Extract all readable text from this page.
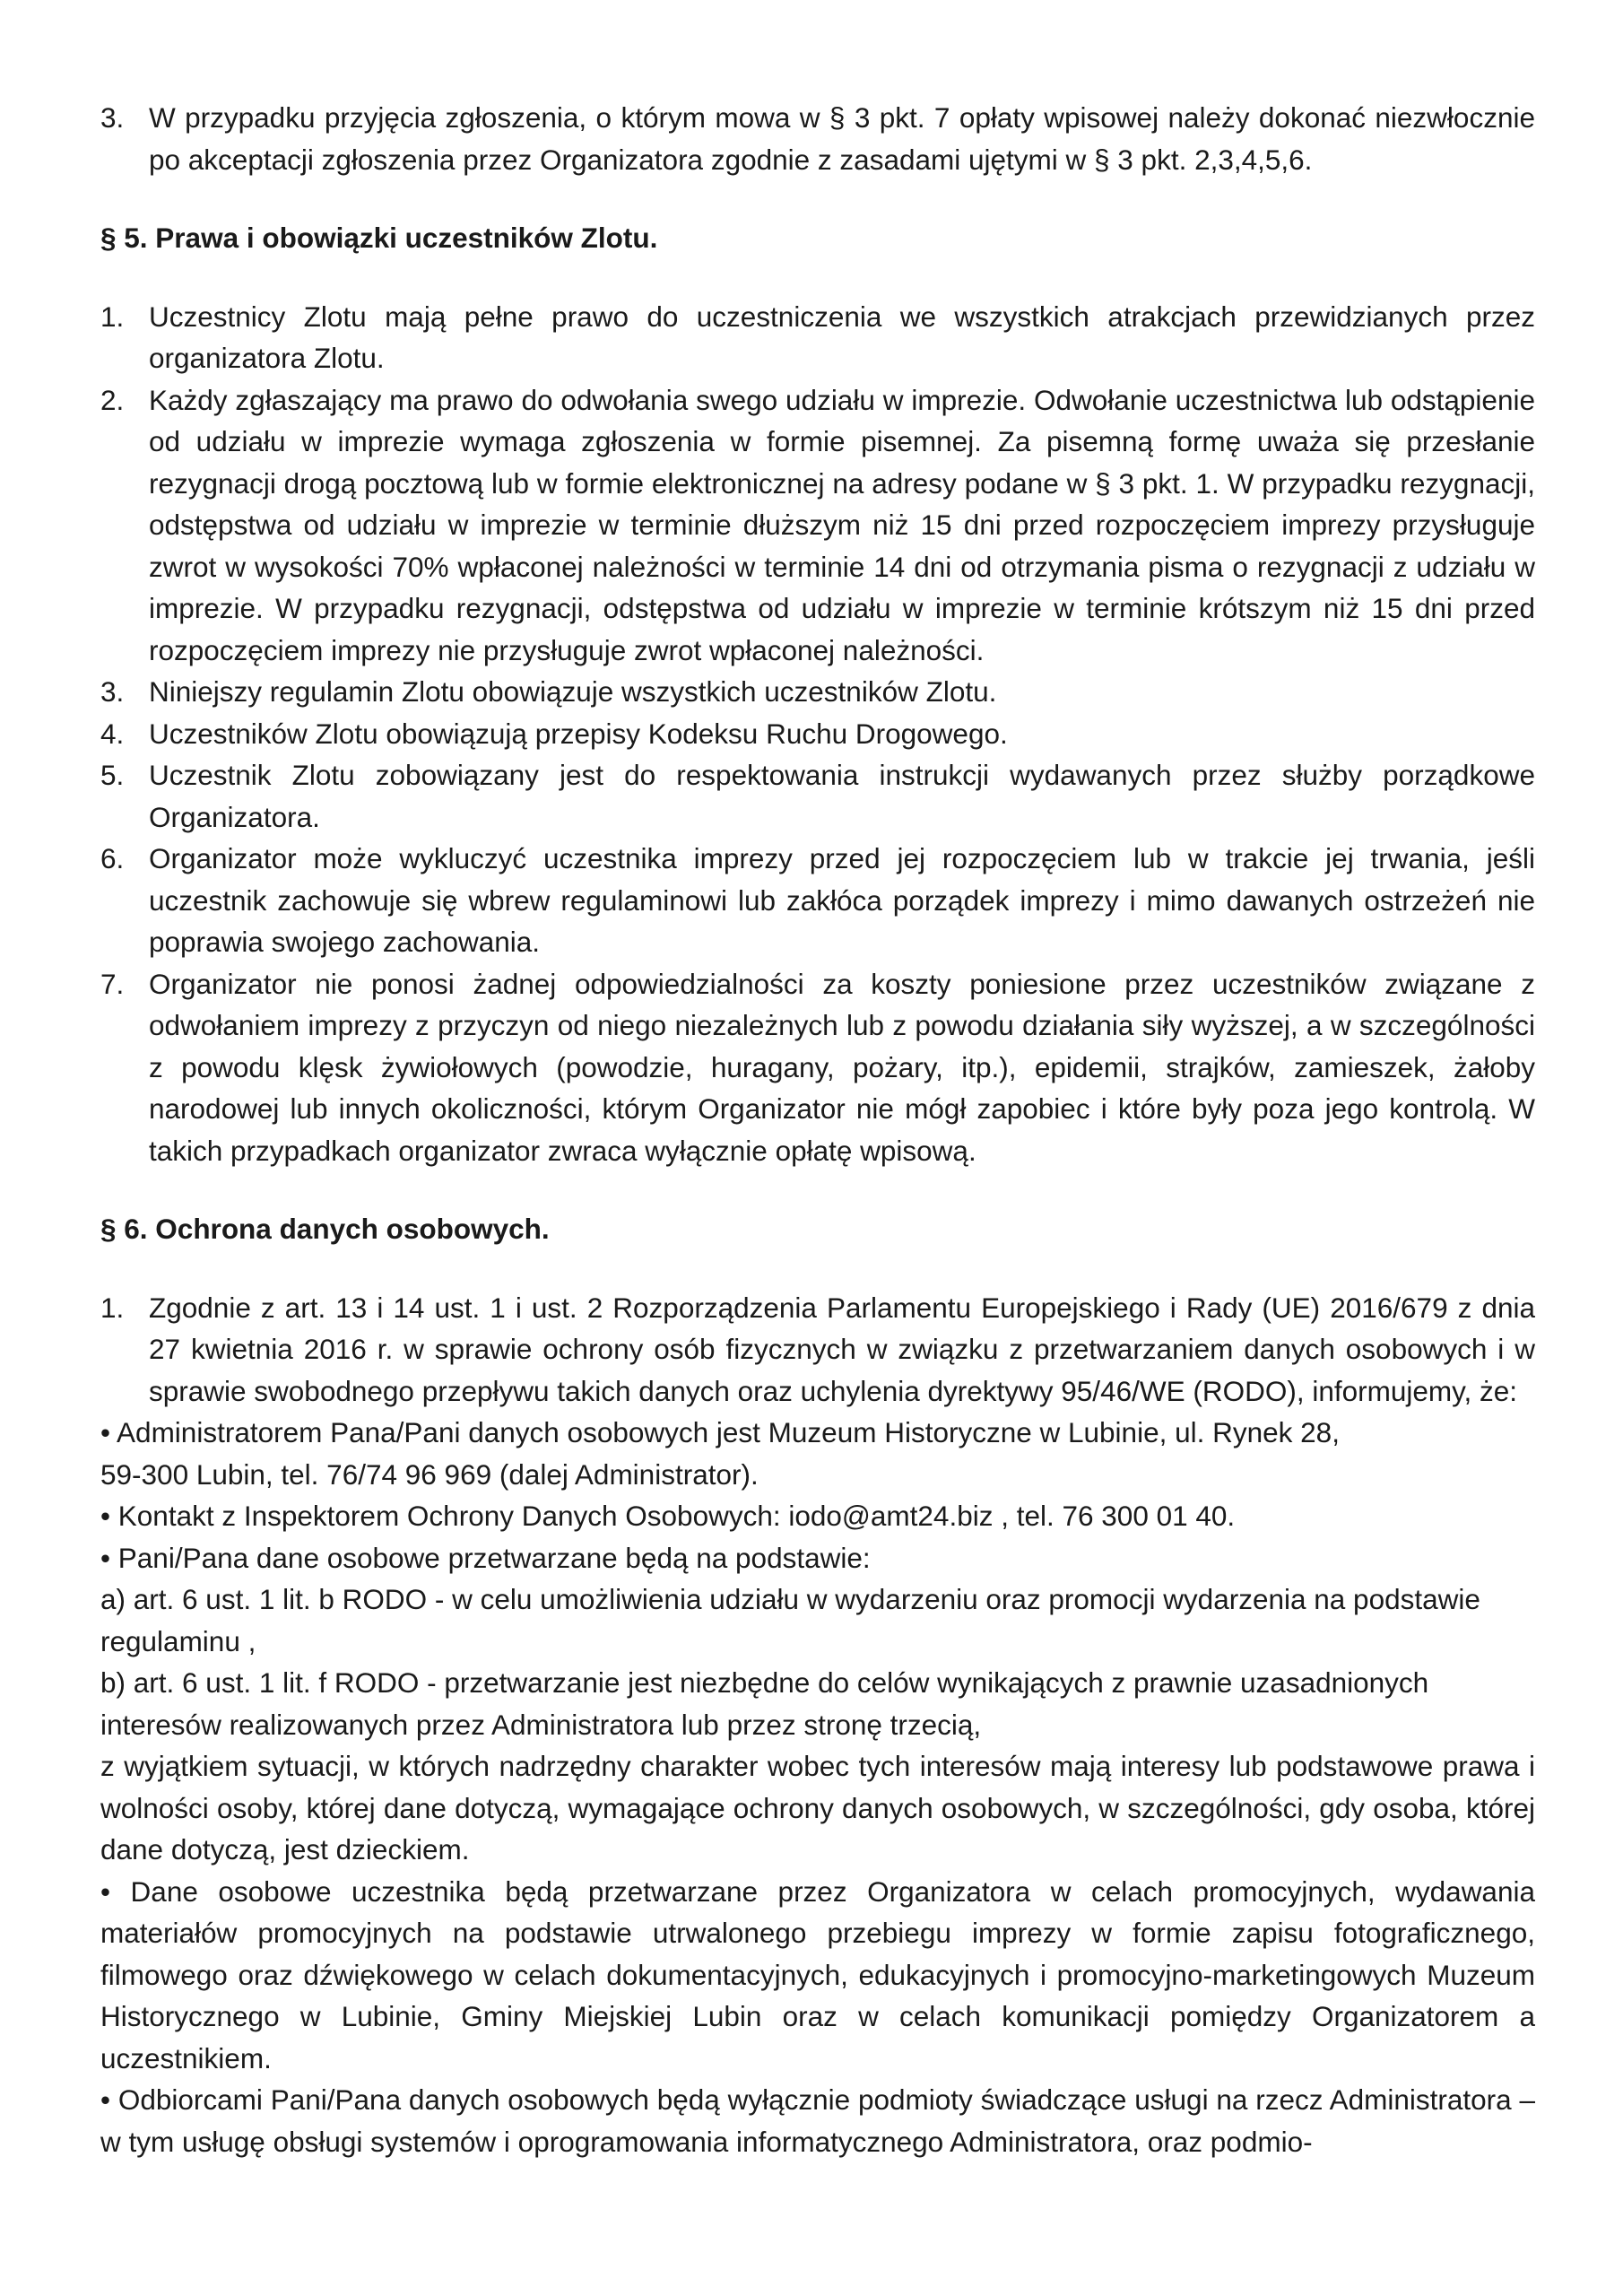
3. W przypadku przyjęcia zgłoszenia, o którym mowa w § 3 pkt. 7 opłaty wpisowej należy dokonać niezwłocznie po akceptacji zgłoszenia przez Organizatora zgodnie z zasadami ujętymi w § 3 pkt. 2,3,4,5,6.

§ 5. Prawa i obowiązki uczestników Zlotu.

1. Uczestnicy Zlotu mają pełne prawo do uczestniczenia we wszystkich atrakcjach przewidzianych przez organizatora Zlotu.
2. Każdy zgłaszający ma prawo do odwołania swego udziału w imprezie. Odwołanie uczestnictwa lub odstąpienie od udziału w imprezie wymaga zgłoszenia w formie pisemnej. Za pisemną formę uważa się przesłanie rezygnacji drogą pocztową lub w formie elektronicznej na adresy podane w § 3 pkt. 1. W przypadku rezygnacji, odstępstwa od udziału w imprezie w terminie dłuższym niż 15 dni przed rozpoczęciem imprezy przysługuje zwrot w wysokości 70% wpłaconej należności w terminie 14 dni od otrzymania pisma o rezygnacji z udziału w imprezie. W przypadku rezygnacji, odstępstwa od udziału w imprezie w terminie krótszym niż 15 dni przed rozpoczęciem imprezy nie przysługuje zwrot wpłaconej należności.
3. Niniejszy regulamin Zlotu obowiązuje wszystkich uczestników Zlotu.
4. Uczestników Zlotu obowiązują przepisy Kodeksu Ruchu Drogowego.
5. Uczestnik Zlotu zobowiązany jest do respektowania instrukcji wydawanych przez służby porządkowe Organizatora.
6. Organizator może wykluczyć uczestnika imprezy przed jej rozpoczęciem lub w trakcie jej trwania, jeśli uczestnik zachowuje się wbrew regulaminowi lub zakłóca porządek imprezy i mimo dawanych ostrzeżeń nie poprawia swojego zachowania.
7. Organizator nie ponosi żadnej odpowiedzialności za koszty poniesione przez uczestników związane z odwołaniem imprezy z przyczyn od niego niezależnych lub z powodu działania siły wyższej, a w szczególności z powodu klęsk żywiołowych (powodzie, huragany, pożary, itp.), epidemii, strajków, zamieszek, żałoby narodowej lub innych okoliczności, którym Organizator nie mógł zapobiec i które były poza jego kontrolą. W takich przypadkach organizator zwraca wyłącznie opłatę wpisową.

§ 6. Ochrona danych osobowych.

1. Zgodnie z art. 13 i 14 ust. 1 i ust. 2 Rozporządzenia Parlamentu Europejskiego i Rady (UE) 2016/679 z dnia 27 kwietnia 2016 r. w sprawie ochrony osób fizycznych w związku z przetwarzaniem danych osobowych i w sprawie swobodnego przepływu takich danych oraz uchylenia dyrektywy 95/46/WE (RODO), informujemy, że:

• Administratorem Pana/Pani danych osobowych jest Muzeum Historyczne w Lubinie, ul. Rynek 28,
59-300 Lubin, tel. 76/74 96 969 (dalej Administrator).

• Kontakt z Inspektorem Ochrony Danych Osobowych: iodo@amt24.biz , tel. 76 300 01 40.

• Pani/Pana dane osobowe przetwarzane będą na podstawie:

a) art. 6 ust. 1 lit. b RODO - w celu umożliwienia udziału w wydarzeniu oraz promocji wydarzenia na podstawie regulaminu ,

b) art. 6 ust. 1 lit. f RODO - przetwarzanie jest niezbędne do celów wynikających z prawnie uzasadnionych interesów realizowanych przez Administratora lub przez stronę trzecią,

z wyjątkiem sytuacji, w których nadrzędny charakter wobec tych interesów mają interesy lub podstawowe prawa i wolności osoby, której dane dotyczą, wymagające ochrony danych osobowych, w szczególności, gdy osoba, której dane dotyczą, jest dzieckiem.

• Dane osobowe uczestnika będą przetwarzane przez Organizatora w celach promocyjnych, wydawania materiałów promocyjnych na podstawie utrwalonego przebiegu imprezy w formie zapisu fotograficznego, filmowego oraz dźwiękowego w celach dokumentacyjnych, edukacyjnych i promocyjno-marketingowych Muzeum Historycznego w Lubinie, Gminy Miejskiej Lubin oraz w celach komunikacji pomiędzy Organizatorem a uczestnikiem.

• Odbiorcami Pani/Pana danych osobowych będą wyłącznie podmioty świadczące usługi na rzecz Administratora – w tym usługę obsługi systemów i oprogramowania informatycznego Administratora, oraz podmio-
